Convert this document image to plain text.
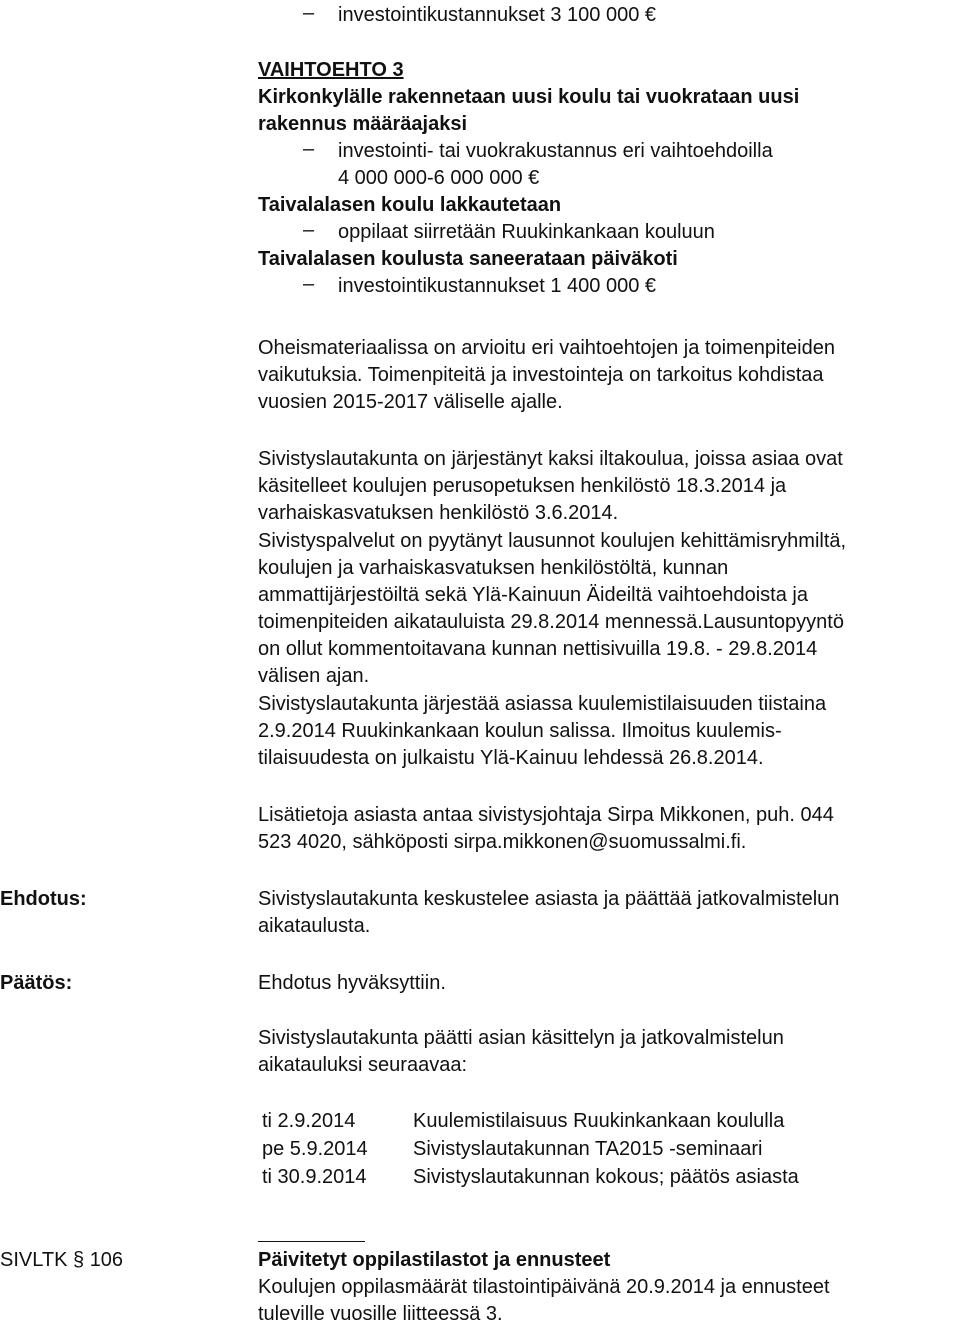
– investointikustannukset 3 100 000 €
VAIHTOEHTO 3
Kirkonkylälle rakennetaan uusi koulu tai vuokrataan uusi
rakennus määräajaksi
– investointi- tai vuokrakustannus eri vaihtoehdoilla
4 000 000-6 000 000 €
Taivalalasen koulu lakkautetaan
– oppilaat siirretään Ruukinkankaan kouluun
Taivalalasen koulusta saneerataan päiväkoti
– investointikustannukset 1 400 000 €
Oheismateriaalissa on arvioitu eri vaihtoehtojen ja toimenpiteiden
vaikutuksia. Toimenpiteitä ja investointeja on tarkoitus kohdistaa
vuosien 2015-2017 väliselle ajalle.
Sivistyslautakunta on järjestänyt kaksi iltakoulua, joissa asiaa ovat
käsitelleet koulujen perusopetuksen henkilöstö 18.3.2014 ja
varhaiskasvatuksen henkilöstö 3.6.2014.
Sivistyspalvelut on pyytänyt lausunnot koulujen kehittämisryhmiltä,
koulujen ja varhaiskasvatuksen henkilöstöltä, kunnan
ammattijärjestöiltä sekä Ylä-Kainuun Äideiltä vaihtoehdoista ja
toimenpiteiden aikatauluista 29.8.2014 mennessä.Lausuntopyyntö
on ollut kommentoitavana kunnan nettisivuilla 19.8. - 29.8.2014
välisen ajan.
Sivistyslautakunta järjestää asiassa kuulemistilaisuuden tiistaina
2.9.2014 Ruukinkankaan koulun salissa. Ilmoitus kuulemis-
tilaisuudesta on julkaistu Ylä-Kainuu lehdessä 26.8.2014.
Lisätietoja asiasta antaa sivistysjohtaja Sirpa Mikkonen, puh. 044
523 4020, sähköposti sirpa.mikkonen@suomussalmi.fi.
Ehdotus:	Sivistyslautakunta keskustelee asiasta ja päättää jatkovalmistelun
aikataulusta.
Päätös:	Ehdotus hyväksyttiin.
Sivistyslautakunta päätti asian käsittelyn ja jatkovalmistelun
aikatauluksi seuraavaa:
ti 2.9.2014	Kuulemistilaisuus Ruukinkankaan koululla
pe 5.9.2014 Sivistyslautakunnan TA2015 -seminaari
ti 30.9.2014 Sivistyslautakunnan kokous; päätös asiasta
SIVLTK § 106	Päivitetyt oppilastilastot ja ennusteet
Koulujen oppilasmäärät tilastointipäivänä 20.9.2014 ja ennusteet
tuleville vuosille liitteessä 3.
